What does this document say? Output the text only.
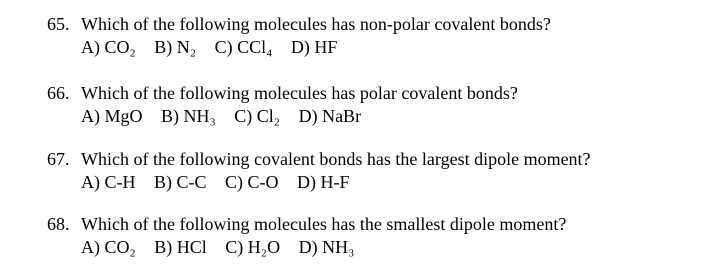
65. Which of the following molecules has non-polar covalent bonds?
A) CO₂ B) N₂ C) CCl₄ D) HF
66. Which of the following molecules has polar covalent bonds?
A) MgO B) NH₃ C) Cl₂ D) NaBr
67. Which of the following covalent bonds has the largest dipole moment?
A) C-H B) C-C C) C-O D) H-F
68. Which of the following molecules has the smallest dipole moment?
A) CO₂ B) HCl C) H₂O D) NH₃
